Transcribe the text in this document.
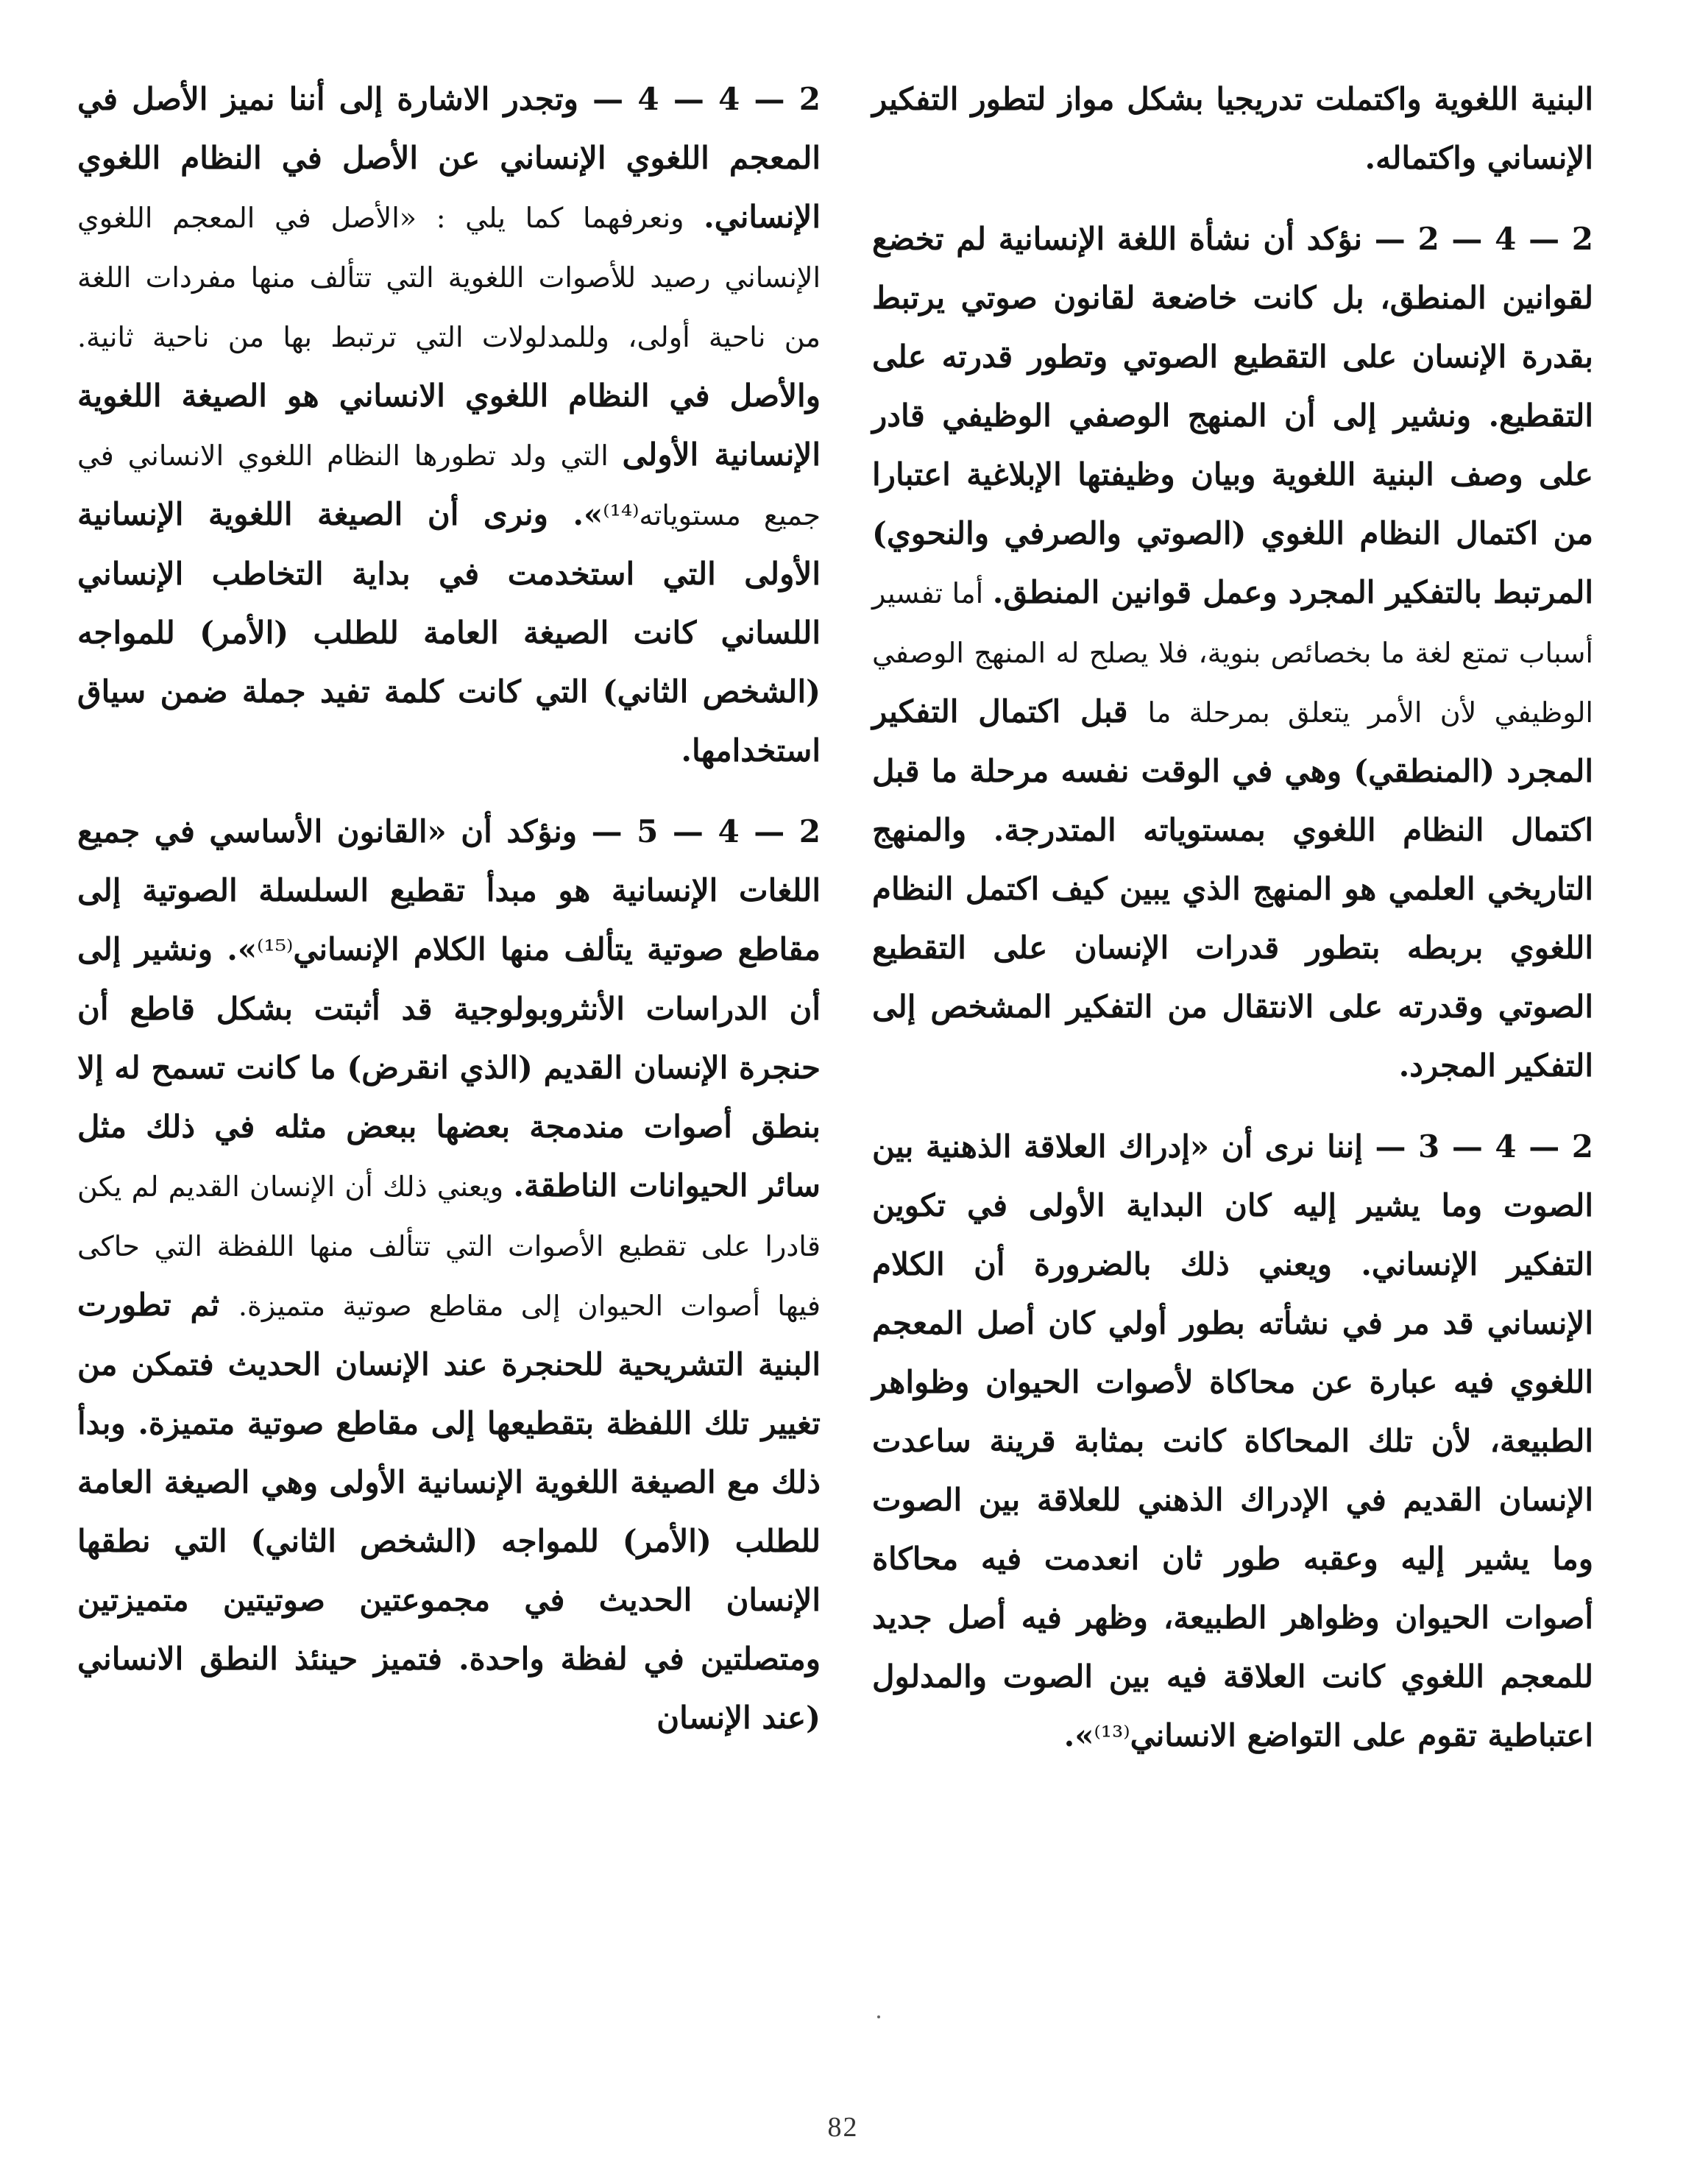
البنية اللغوية واكتملت تدريجيا بشكل مواز لتطور التفكير الإنساني واكتماله.

2 — 4 — 2 — نؤكد أن نشأة اللغة الإنسانية لم تخضع لقوانين المنطق، بل كانت خاضعة لقانون صوتي يرتبط بقدرة الإنسان على التقطيع الصوتي وتطور قدرته على التقطيع. ونشير إلى أن المنهج الوصفي الوظيفي قادر على وصف البنية اللغوية وبيان وظيفتها الإبلاغية اعتبارا من اكتمال النظام اللغوي (الصوتي والصرفي والنحوي) المرتبط بالتفكير المجرد وعمل قوانين المنطق. أما تفسير أسباب تمتع لغة ما بخصائص بنوية، فلا يصلح له المنهج الوصفي الوظيفي لأن الأمر يتعلق بمرحلة ما قبل اكتمال التفكير المجرد (المنطقي) وهي في الوقت نفسه مرحلة ما قبل اكتمال النظام اللغوي بمستوياته المتدرجة. والمنهج التاريخي العلمي هو المنهج الذي يبين كيف اكتمل النظام اللغوي بربطه بتطور قدرات الإنسان على التقطيع الصوتي وقدرته على الانتقال من التفكير المشخص إلى التفكير المجرد.

2 — 4 — 3 — إننا نرى أن «إدراك العلاقة الذهنية بين الصوت وما يشير إليه كان البداية الأولى في تكوين التفكير الإنساني. ويعني ذلك بالضرورة أن الكلام الإنساني قد مر في نشأته بطور أولي كان أصل المعجم اللغوي فيه عبارة عن محاكاة لأصوات الحيوان وظواهر الطبيعة، لأن تلك المحاكاة كانت بمثابة قرينة ساعدت الإنسان القديم في الإدراك الذهني للعلاقة بين الصوت وما يشير إليه وعقبه طور ثان انعدمت فيه محاكاة أصوات الحيوان وظواهر الطبيعة، وظهر فيه أصل جديد للمعجم اللغوي كانت العلاقة فيه بين الصوت والمدلول اعتباطية تقوم على التواضع الانساني⁽¹³⁾».

2 — 4 — 4 — وتجدر الاشارة إلى أننا نميز الأصل في المعجم اللغوي الإنساني عن الأصل في النظام اللغوي الإنساني. ونعرفهما كما يلي : «الأصل في المعجم اللغوي الإنساني رصيد للأصوات اللغوية التي تتألف منها مفردات اللغة من ناحية أولى، وللمدلولات التي ترتبط بها من ناحية ثانية. والأصل في النظام اللغوي الانساني هو الصيغة اللغوية الإنسانية الأولى التي ولد تطورها النظام اللغوي الانساني في جميع مستوياته⁽¹⁴⁾». ونرى أن الصيغة اللغوية الإنسانية الأولى التي استخدمت في بداية التخاطب الإنساني اللساني كانت الصيغة العامة للطلب (الأمر) للمواجه (الشخص الثاني) التي كانت كلمة تفيد جملة ضمن سياق استخدامها.

2 — 4 — 5 — ونؤكد أن «القانون الأساسي في جميع اللغات الإنسانية هو مبدأ تقطيع السلسلة الصوتية إلى مقاطع صوتية يتألف منها الكلام الإنساني⁽¹⁵⁾». ونشير إلى أن الدراسات الأنثروبولوجية قد أثبتت بشكل قاطع أن حنجرة الإنسان القديم (الذي انقرض) ما كانت تسمح له إلا بنطق أصوات مندمجة بعضها ببعض مثله في ذلك مثل سائر الحيوانات الناطقة. ويعني ذلك أن الإنسان القديم لم يكن قادرا على تقطيع الأصوات التي تتألف منها اللفظة التي حاكى فيها أصوات الحيوان إلى مقاطع صوتية متميزة. ثم تطورت البنية التشريحية للحنجرة عند الإنسان الحديث فتمكن من تغيير تلك اللفظة بتقطيعها إلى مقاطع صوتية متميزة. وبدأ ذلك مع الصيغة اللغوية الإنسانية الأولى وهي الصيغة العامة للطلب (الأمر) للمواجه (الشخص الثاني) التي نطقها الإنسان الحديث في مجموعتين صوتيتين متميزتين ومتصلتين في لفظة واحدة. فتميز حينئذ النطق الانساني (عند الإنسان

82
